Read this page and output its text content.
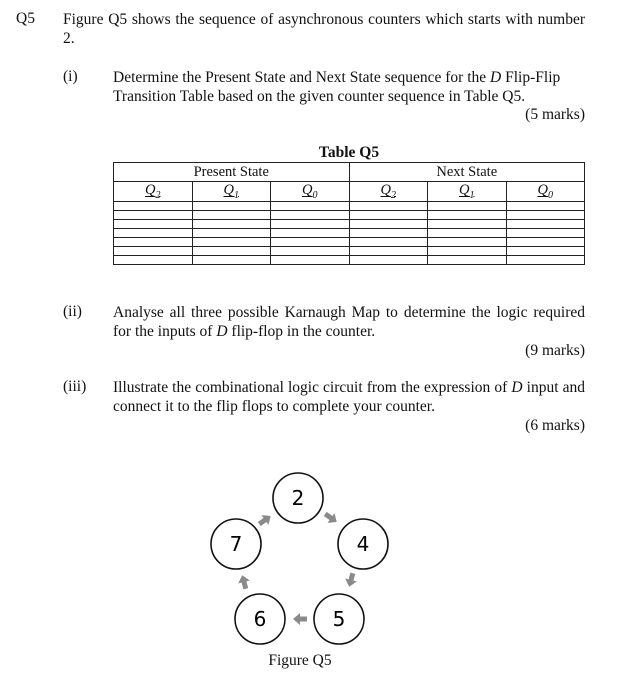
Q5 Figure Q5 shows the sequence of asynchronous counters which starts with number 2.
(i) Determine the Present State and Next State sequence for the D Flip-Flip Transition Table based on the given counter sequence in Table Q5.
(5 marks)
Table Q5
Present State			Next State		
$Q_2$	$Q_1$	$Q_0$	$Q_2$	$Q_1$	$Q_0$

(ii) Analyse all three possible Karnaugh Map to determine the logic required for the inputs of D flip-flop in the counter.
(9 marks)
(iii) Illustrate the combinational logic circuit from the expression of D input and connect it to the flip flops to complete your counter.
(6 marks)
2
4
5
6
7
Figure Q5
